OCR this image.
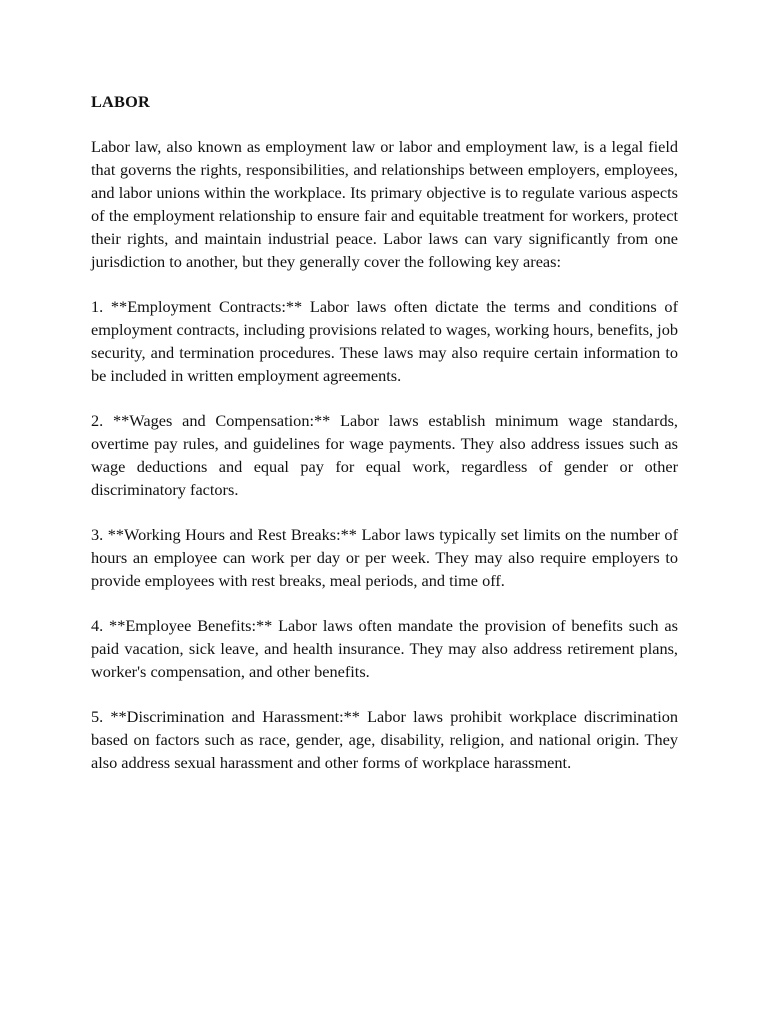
LABOR

Labor law, also known as employment law or labor and employment law, is a legal field that governs the rights, responsibilities, and relationships between employers, employees, and labor unions within the workplace. Its primary objective is to regulate various aspects of the employment relationship to ensure fair and equitable treatment for workers, protect their rights, and maintain industrial peace. Labor laws can vary significantly from one jurisdiction to another, but they generally cover the following key areas:

1. **Employment Contracts:** Labor laws often dictate the terms and conditions of employment contracts, including provisions related to wages, working hours, benefits, job security, and termination procedures. These laws may also require certain information to be included in written employment agreements.

2. **Wages and Compensation:** Labor laws establish minimum wage standards, overtime pay rules, and guidelines for wage payments. They also address issues such as wage deductions and equal pay for equal work, regardless of gender or other discriminatory factors.

3. **Working Hours and Rest Breaks:** Labor laws typically set limits on the number of hours an employee can work per day or per week. They may also require employers to provide employees with rest breaks, meal periods, and time off.

4. **Employee Benefits:** Labor laws often mandate the provision of benefits such as paid vacation, sick leave, and health insurance. They may also address retirement plans, worker's compensation, and other benefits.

5. **Discrimination and Harassment:** Labor laws prohibit workplace discrimination based on factors such as race, gender, age, disability, religion, and national origin. They also address sexual harassment and other forms of workplace harassment.
